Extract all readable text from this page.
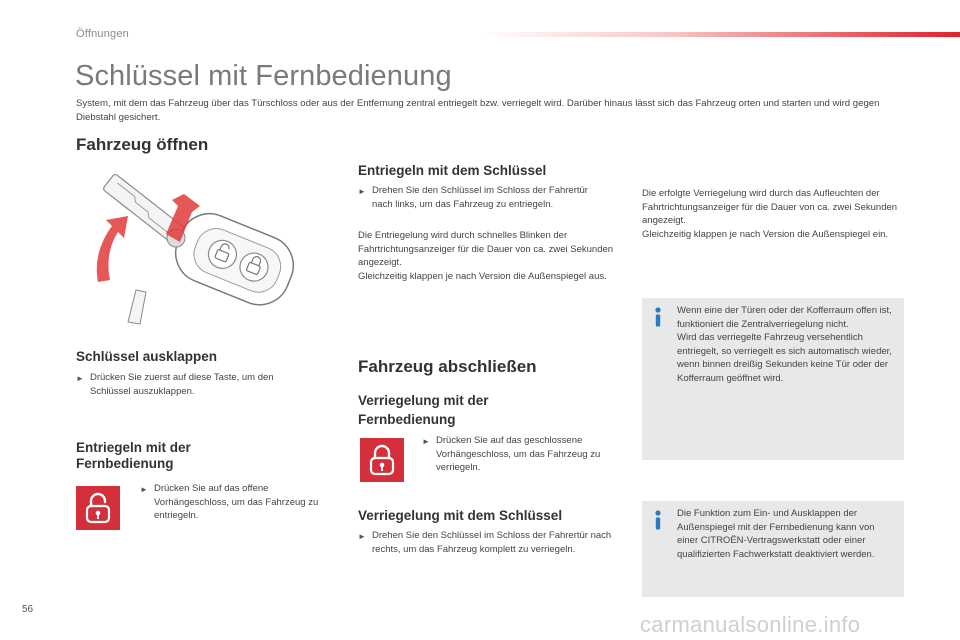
Öffnungen
Schlüssel mit Fernbedienung
System, mit dem das Fahrzeug über das Türschloss oder aus der Entfernung zentral entriegelt bzw. verriegelt wird. Darüber hinaus lässt sich das Fahrzeug orten und starten und wird gegen Diebstahl gesichert.
Fahrzeug öffnen
Schlüssel ausklappen
► Drücken Sie zuerst auf diese Taste, um den Schlüssel auszuklappen.
Entriegeln mit der Fernbedienung
► Drücken Sie auf das offene Vorhängeschloss, um das Fahrzeug zu entriegeln.
Entriegeln mit dem Schlüssel
► Drehen Sie den Schlüssel im Schloss der Fahrertür nach links, um das Fahrzeug zu entriegeln.
Die Entriegelung wird durch schnelles Blinken der Fahrtrichtungsanzeiger für die Dauer von ca. zwei Sekunden angezeigt.
Gleichzeitig klappen je nach Version die Außenspiegel aus.
Fahrzeug abschließen
Verriegelung mit der Fernbedienung
► Drücken Sie auf das geschlossene Vorhängeschloss, um das Fahrzeug zu verriegeln.
Verriegelung mit dem Schlüssel
► Drehen Sie den Schlüssel im Schloss der Fahrertür nach rechts, um das Fahrzeug komplett zu verriegeln.
Die erfolgte Verriegelung wird durch das Aufleuchten der Fahrtrichtungsanzeiger für die Dauer von ca. zwei Sekunden angezeigt.
Gleichzeitig klappen je nach Version die Außenspiegel ein.
Wenn eine der Türen oder der Kofferraum offen ist, funktioniert die Zentralverriegelung nicht.
Wird das verriegelte Fahrzeug versehentlich entriegelt, so verriegelt es sich automatisch wieder, wenn binnen dreißig Sekunden keine Tür oder der Kofferraum geöffnet wird.
Die Funktion zum Ein- und Ausklappen der Außenspiegel mit der Fernbedienung kann von einer CITROËN-Vertragswerkstatt oder einer qualifizierten Fachwerkstatt deaktiviert werden.
56
carmanualsonline.info
